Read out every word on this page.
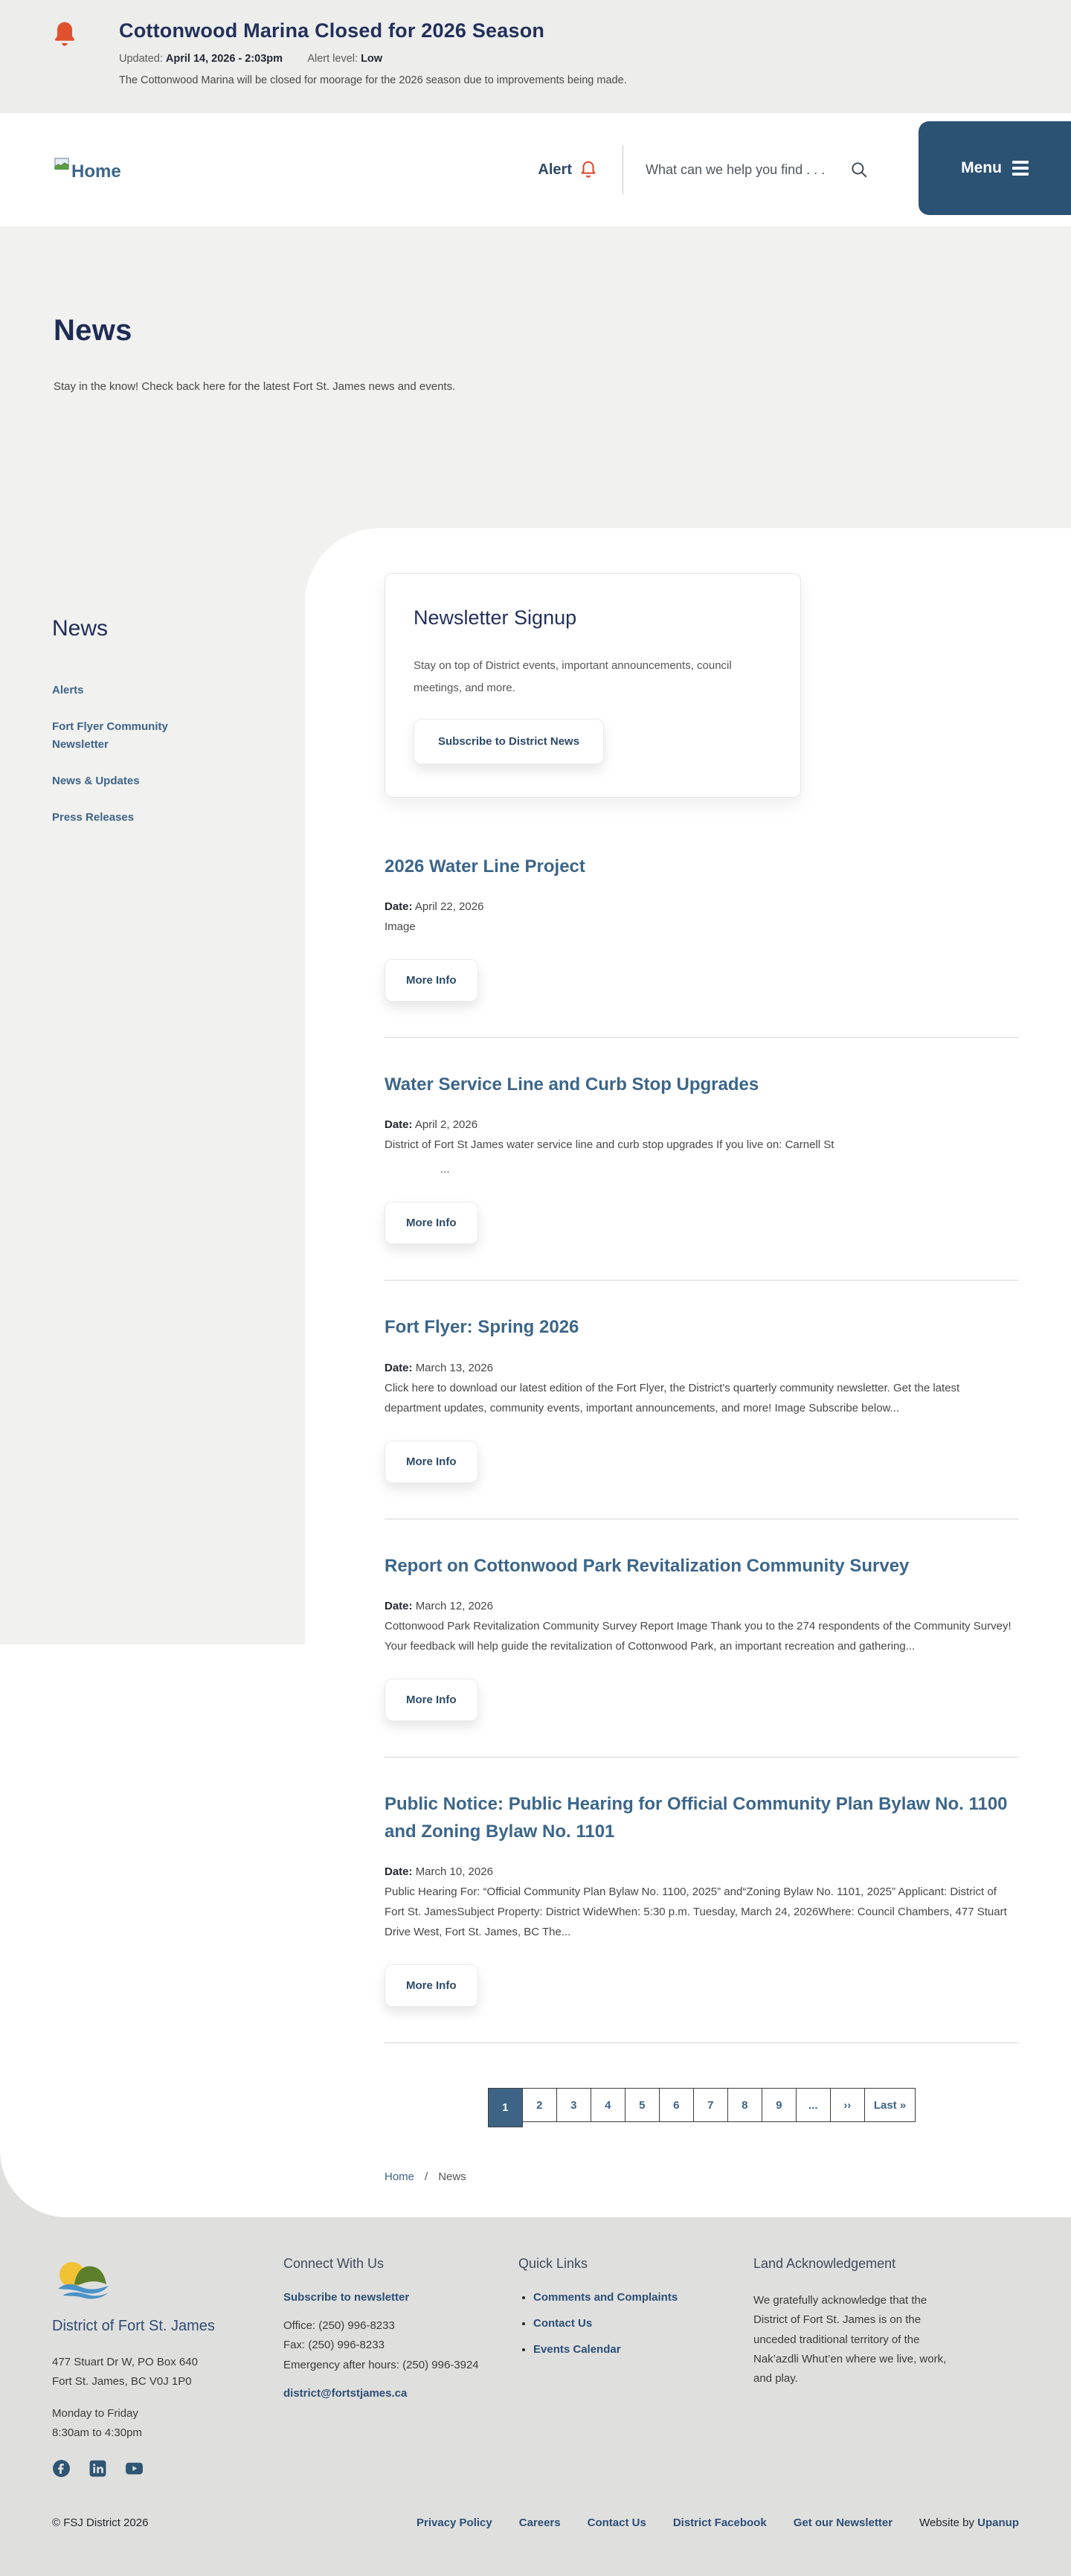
Cottonwood Marina Closed for 2026 Season
Updated: April 14, 2026 - 2:03pm Alert level: Low
The Cottonwood Marina will be closed for moorage for the 2026 season due to improvements being made.
Home	Alert
What can we help you find . . .	Menu
News

Stay in the know! Check back here for the latest Fort St. James news and events.

News
Alerts
Fort Flyer Community Newsletter
News & Updates
Press Releases
Newsletter Signup

Stay on top of District events, important announcements, council meetings, and more.

Subscribe to District News
2026 Water Line Project

Date: April 22, 2026
Image

More Info
Water Service Line and Curb Stop Upgrades

Date: April 2, 2026
District of Fort St James water service line and curb stop upgrades If you live on: Carnell St

...
More Info
Fort Flyer: Spring 2026

Date: March 13, 2026
Click here to download our latest edition of the Fort Flyer, the District's quarterly community newsletter. Get the latest department updates, community events, important announcements, and more! Image Subscribe below...

More Info
Report on Cottonwood Park Revitalization Community Survey

Date: March 12, 2026
Cottonwood Park Revitalization Community Survey Report Image Thank you to the 274 respondents of the Community Survey! Your feedback will help guide the revitalization of Cottonwood Park, an important recreation and gathering...

More Info
Public Notice: Public Hearing for Official Community Plan Bylaw No. 1100 and Zoning Bylaw No. 1101

Date: March 10, 2026
Public Hearing For: “Official Community Plan Bylaw No. 1100, 2025” and“Zoning Bylaw No. 1101, 2025” Applicant: District of Fort St. JamesSubject Property: District WideWhen: 5:30 p.m. Tuesday, March 24, 2026Where: Council Chambers, 477 Stuart Drive West, Fort St. James, BC The...

More Info
1	2	3	4	5	6	7	8	9	...	››	Last »
Home / News
District of Fort St. James
477 Stuart Dr W, PO Box 640
Fort St. James, BC V0J 1P0
Monday to Friday
8:30am to 4:30pm
Connect With Us
Subscribe to newsletter
Office: (250) 996-8233
Fax: (250) 996-8233
Emergency after hours: (250) 996-3924
district@fortstjames.ca
Quick Links
• Comments and Complaints
• Contact Us
• Events Calendar
Land Acknowledgement

We gratefully acknowledge that the District of Fort St. James is on the unceded traditional territory of the Nak’azdli Whut’en where we live, work, and play.

© FSJ District 2026	Privacy Policy Careers Contact Us District Facebook Get our Newsletter Website by Upanup
